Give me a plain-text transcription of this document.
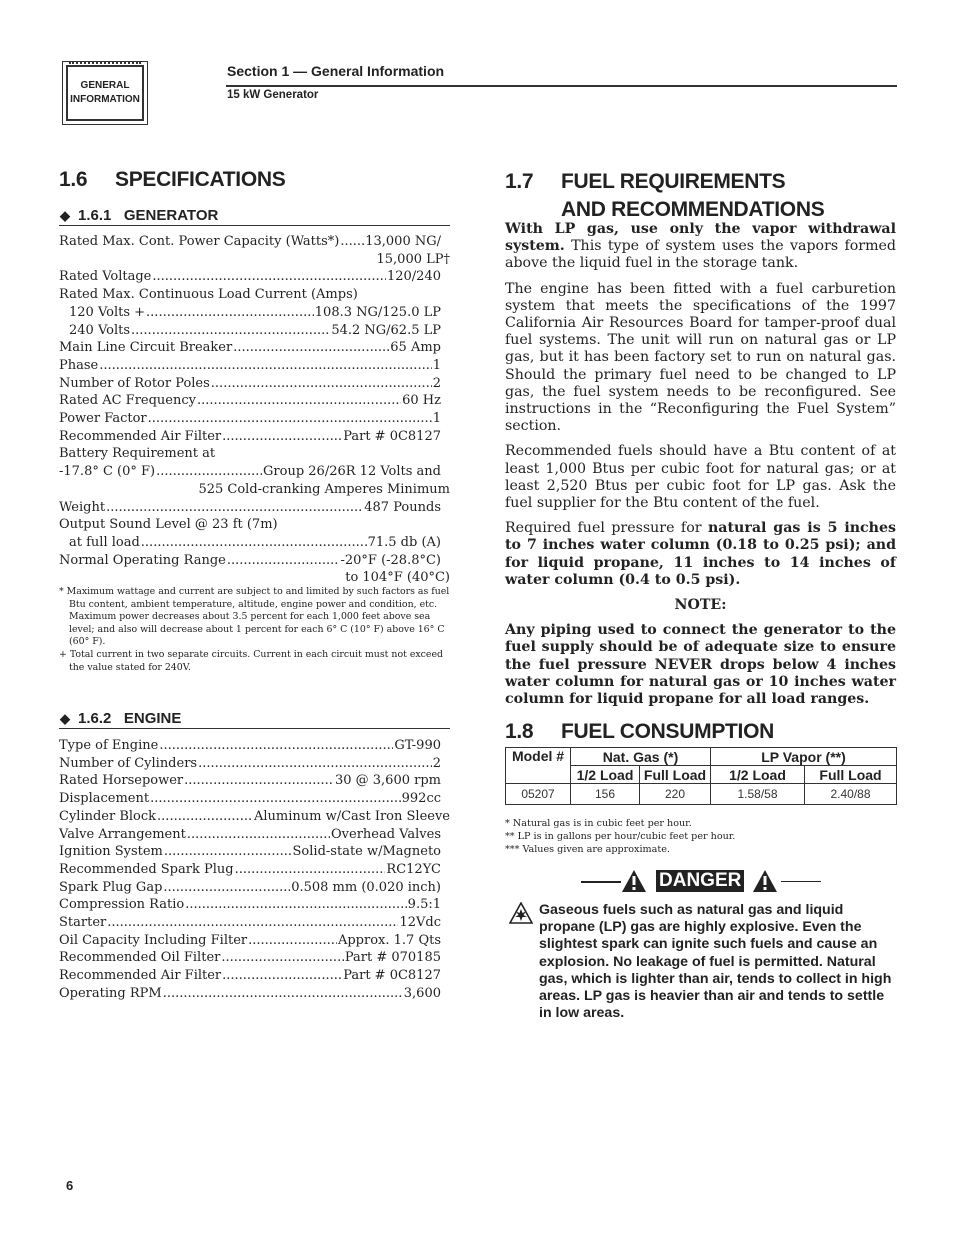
GENERAL
INFORMATION
Section 1 — General Information
15 kW Generator
1.6 SPECIFICATIONS
◆ 1.6.1   GENERATOR
Rated Max. Cont. Power Capacity (Watts*) ..... 13,000 NG/
15,000 LP†
Rated Voltage .....	120/240
Rated Max. Continuous Load Current (Amps)
120 Volts + .....	108.3 NG/125.0 LP
240 Volts .....	54.2 NG/62.5 LP
Main Line Circuit Breaker .....	65 Amp
Phase .....	1
Number of Rotor Poles .....	2
Rated AC Frequency .....	60 Hz
Power Factor .....	1
Recommended Air Filter .....	Part # 0C8127
Battery Requirement at
-17.8° C (0° F) .....	Group 26/26R 12 Volts and
525 Cold-cranking Amperes Minimum
Weight .....	487 Pounds
Output Sound Level @ 23 ft (7m)
at full load .....	71.5 db (A)
Normal Operating Range .....	-20°F (-28.8°C)
to 104°F (40°C)

* Maximum wattage and current are subject to and limited by such factors as fuel Btu content, ambient temperature, altitude, engine power and condition, etc. Maximum power decreases about 3.5 percent for each 1,000 feet above sea level; and also will decrease about 1 percent for each 6° C (10° F) above 16° C (60° F).

+ Total current in two separate circuits. Current in each circuit must not exceed the value stated for 240V.

◆ 1.6.2   ENGINE
Type of Engine .....	GT-990
Number of Cylinders .....	2
Rated Horsepower .....	30 @ 3,600 rpm
Displacement .....	992cc
Cylinder Block .....	Aluminum w/Cast Iron Sleeve
Valve Arrangement .....	Overhead Valves
Ignition System .....	Solid-state w/Magneto
Recommended Spark Plug .....	RC12YC
Spark Plug Gap .....	0.508 mm (0.020 inch)
Compression Ratio .....	9.5:1
Starter .....	12Vdc
Oil Capacity Including Filter .....	Approx. 1.7 Qts
Recommended Oil Filter .....	Part # 070185
Recommended Air Filter .....	Part # 0C8127
Operating RPM .....	3,600
1.7 FUEL REQUIREMENTS
AND RECOMMENDATIONS

With LP gas, use only the vapor withdrawal system. This type of system uses the vapors formed above the liquid fuel in the storage tank.

The engine has been fitted with a fuel carburetion system that meets the specifications of the 1997 California Air Resources Board for tamper-proof dual fuel systems. The unit will run on natural gas or LP gas, but it has been factory set to run on natural gas. Should the primary fuel need to be changed to LP gas, the fuel system needs to be reconfigured. See instructions in the “Reconfiguring the Fuel System” section.

Recommended fuels should have a Btu content of at least 1,000 Btus per cubic foot for natural gas; or at least 2,520 Btus per cubic foot for LP gas. Ask the fuel supplier for the Btu content of the fuel.

Required fuel pressure for natural gas is 5 inches to 7 inches water column (0.18 to 0.25 psi); and for liquid propane, 11 inches to 14 inches of water column (0.4 to 0.5 psi).

NOTE:

Any piping used to connect the generator to the fuel supply should be of adequate size to ensure the fuel pressure NEVER drops below 4 inches water column for natural gas or 10 inches water column for liquid propane for all load ranges.

1.8 FUEL CONSUMPTION
Model #	Nat. Gas (*)		LP Vapor (**)	
	1/2 Load	Full Load	1/2 Load	Full Load
05207	156	220	1.58/58	2.40/88
* Natural gas is in cubic feet per hour.
** LP is in gallons per hour/cubic feet per hour.
*** Values given are approximate.
DANGER
Gaseous fuels such as natural gas and liquid propane (LP) gas are highly explosive. Even the slightest spark can ignite such fuels and cause an explosion. No leakage of fuel is permitted. Natural gas, which is lighter than air, tends to collect in high areas. LP gas is heavier than air and tends to settle in low areas.
6
